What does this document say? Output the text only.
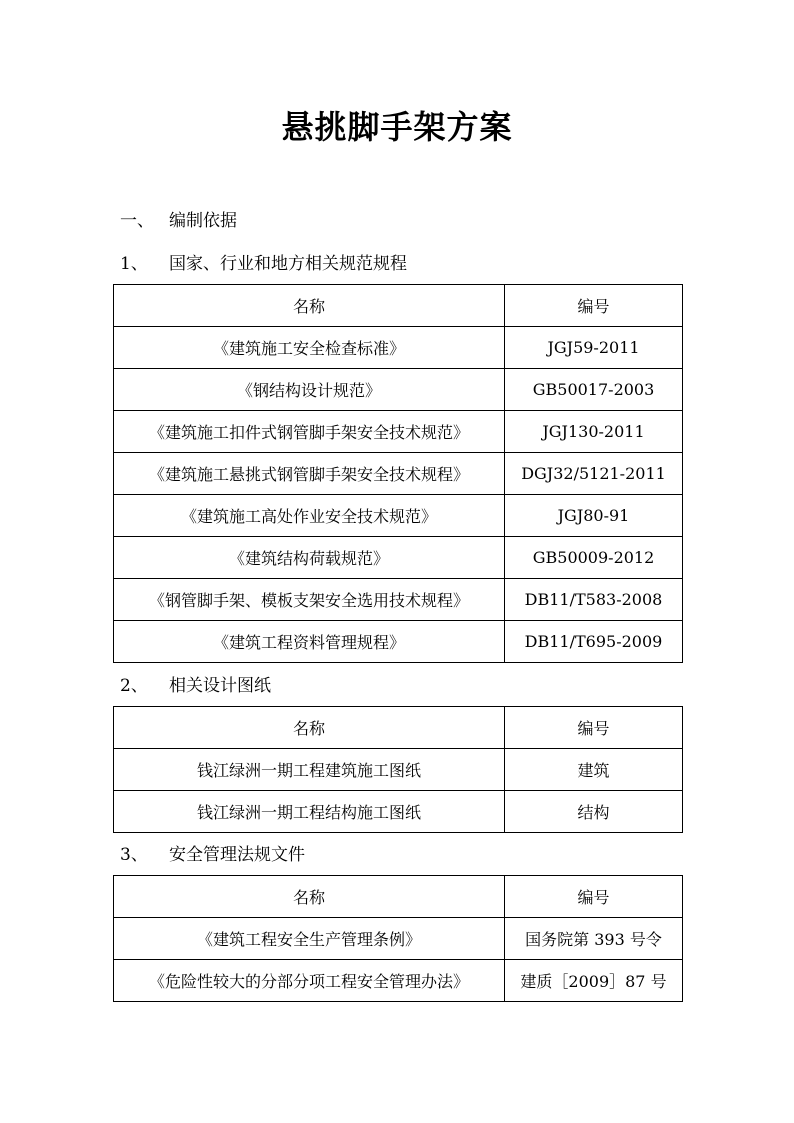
悬挑脚手架方案
一、 编制依据
1、 国家、行业和地方相关规范规程
名称	编号
《建筑施工安全检查标准》	JGJ59-2011
《钢结构设计规范》	GB50017-2003
《建筑施工扣件式钢管脚手架安全技术规范》	JGJ130-2011
《建筑施工悬挑式钢管脚手架安全技术规程》	DGJ32/5121-2011
《建筑施工高处作业安全技术规范》	JGJ80-91
《建筑结构荷载规范》	GB50009-2012
《钢管脚手架、模板支架安全选用技术规程》	DB11/T583-2008
《建筑工程资料管理规程》	DB11/T695-2009
2、 相关设计图纸
名称	编号
钱江绿洲一期工程建筑施工图纸	建筑
钱江绿洲一期工程结构施工图纸	结构
3、 安全管理法规文件
名称	编号
《建筑工程安全生产管理条例》	国务院第 393 号令
《危险性较大的分部分项工程安全管理办法》	建质［2009］87 号
